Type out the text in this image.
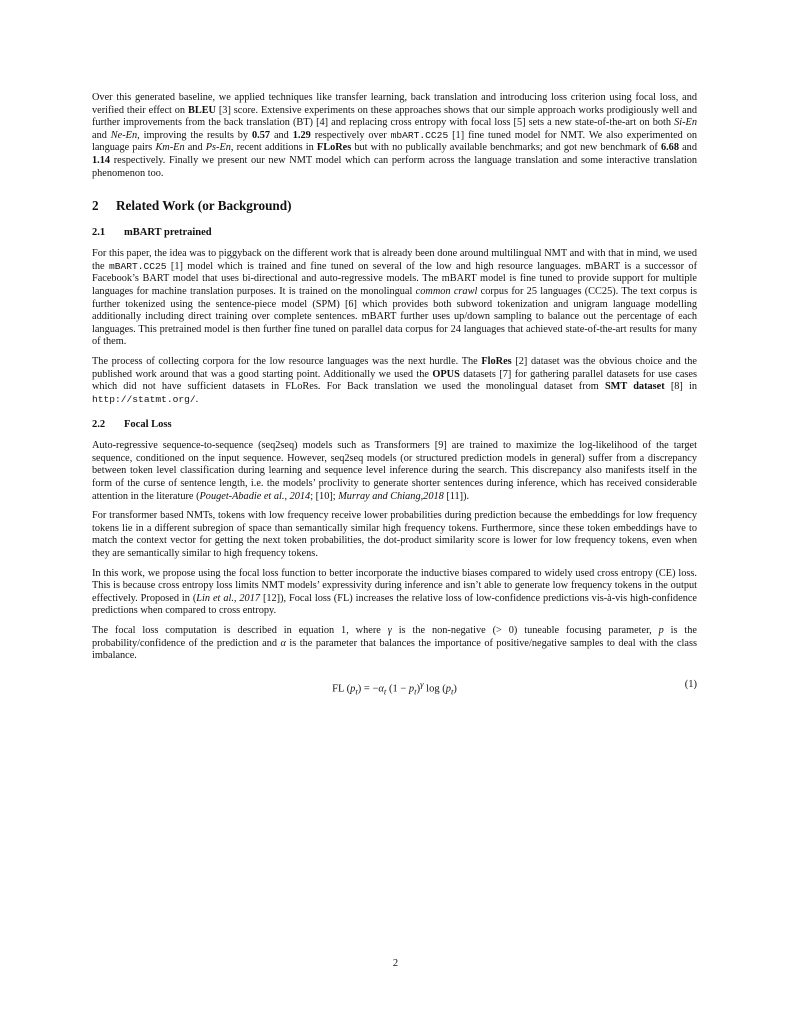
Over this generated baseline, we applied techniques like transfer learning, back translation and introducing loss criterion using focal loss, and verified their effect on BLEU [3] score. Extensive experiments on these approaches shows that our simple approach works prodigiously well and further improvements from the back translation (BT) [4] and replacing cross entropy with focal loss [5] sets a new state-of-the-art on both Si-En and Ne-En, improving the results by 0.57 and 1.29 respectively over mbART.CC25 [1] fine tuned model for NMT. We also experimented on language pairs Km-En and Ps-En, recent additions in FLoRes but with no publically available benchmarks; and got new benchmark of 6.68 and 1.14 respectively. Finally we present our new NMT model which can perform across the language translation and some interactive translation phenomenon too.

2 Related Work (or Background)
2.1 mBART pretrained

For this paper, the idea was to piggyback on the different work that is already been done around multilingual NMT and with that in mind, we used the mBART.CC25 [1] model which is trained and fine tuned on several of the low and high resource languages. mBART is a successor of Facebook’s BART model that uses bi-directional and auto-regressive models. The mBART model is fine tuned to provide support for multiple languages for machine translation purposes. It is trained on the monolingual common crawl corpus for 25 languages (CC25). The text corpus is further tokenized using the sentence-piece model (SPM) [6] which provides both subword tokenization and unigram language modelling additionally including direct training over complete sentences. mBART further uses up/down sampling to balance out the percentage of each languages. This pretrained model is then further fine tuned on parallel data corpus for 24 languages that achieved state-of-the-art results for many of them.

The process of collecting corpora for the low resource languages was the next hurdle. The FloRes [2] dataset was the obvious choice and the published work around that was a good starting point. Additionally we used the OPUS datasets [7] for gathering parallel datasets for use cases which did not have sufficient datasets in FLoRes. For Back translation we used the monolingual dataset from SMT dataset [8] in http://statmt.org/.

2.2 Focal Loss

Auto-regressive sequence-to-sequence (seq2seq) models such as Transformers [9] are trained to maximize the log-likelihood of the target sequence, conditioned on the input sequence. However, seq2seq models (or structured prediction models in general) suffer from a discrepancy between token level classification during learning and sequence level inference during the search. This discrepancy also manifests itself in the form of the curse of sentence length, i.e. the models’ proclivity to generate shorter sentences during inference, which has received considerable attention in the literature (Pouget-Abadie et al., 2014; [10]; Murray and Chiang,2018 [11]).

For transformer based NMTs, tokens with low frequency receive lower probabilities during prediction because the embeddings for low frequency tokens lie in a different subregion of space than semantically similar high frequency tokens. Furthermore, since these token embeddings have to match the context vector for getting the next token probabilities, the dot-product similarity score is lower for low frequency tokens, even when they are semantically similar to high frequency tokens.

In this work, we propose using the focal loss function to better incorporate the inductive biases compared to widely used cross entropy (CE) loss. This is because cross entropy loss limits NMT models’ expressivity during inference and isn’t able to generate low frequency tokens in the output effectively. Proposed in (Lin et al., 2017 [12]), Focal loss (FL) increases the relative loss of low-confidence predictions vis-à-vis high-confidence predictions when compared to cross entropy.

The focal loss computation is described in equation 1, where γ is the non-negative (> 0) tuneable focusing parameter, p is the probability/confidence of the prediction and α is the parameter that balances the importance of positive/negative samples to deal with the class imbalance.

FL $(p_t) = -\alpha_t$ $(1 - p_t)^\gamma$ $\log (p_t)$	(1)
2
